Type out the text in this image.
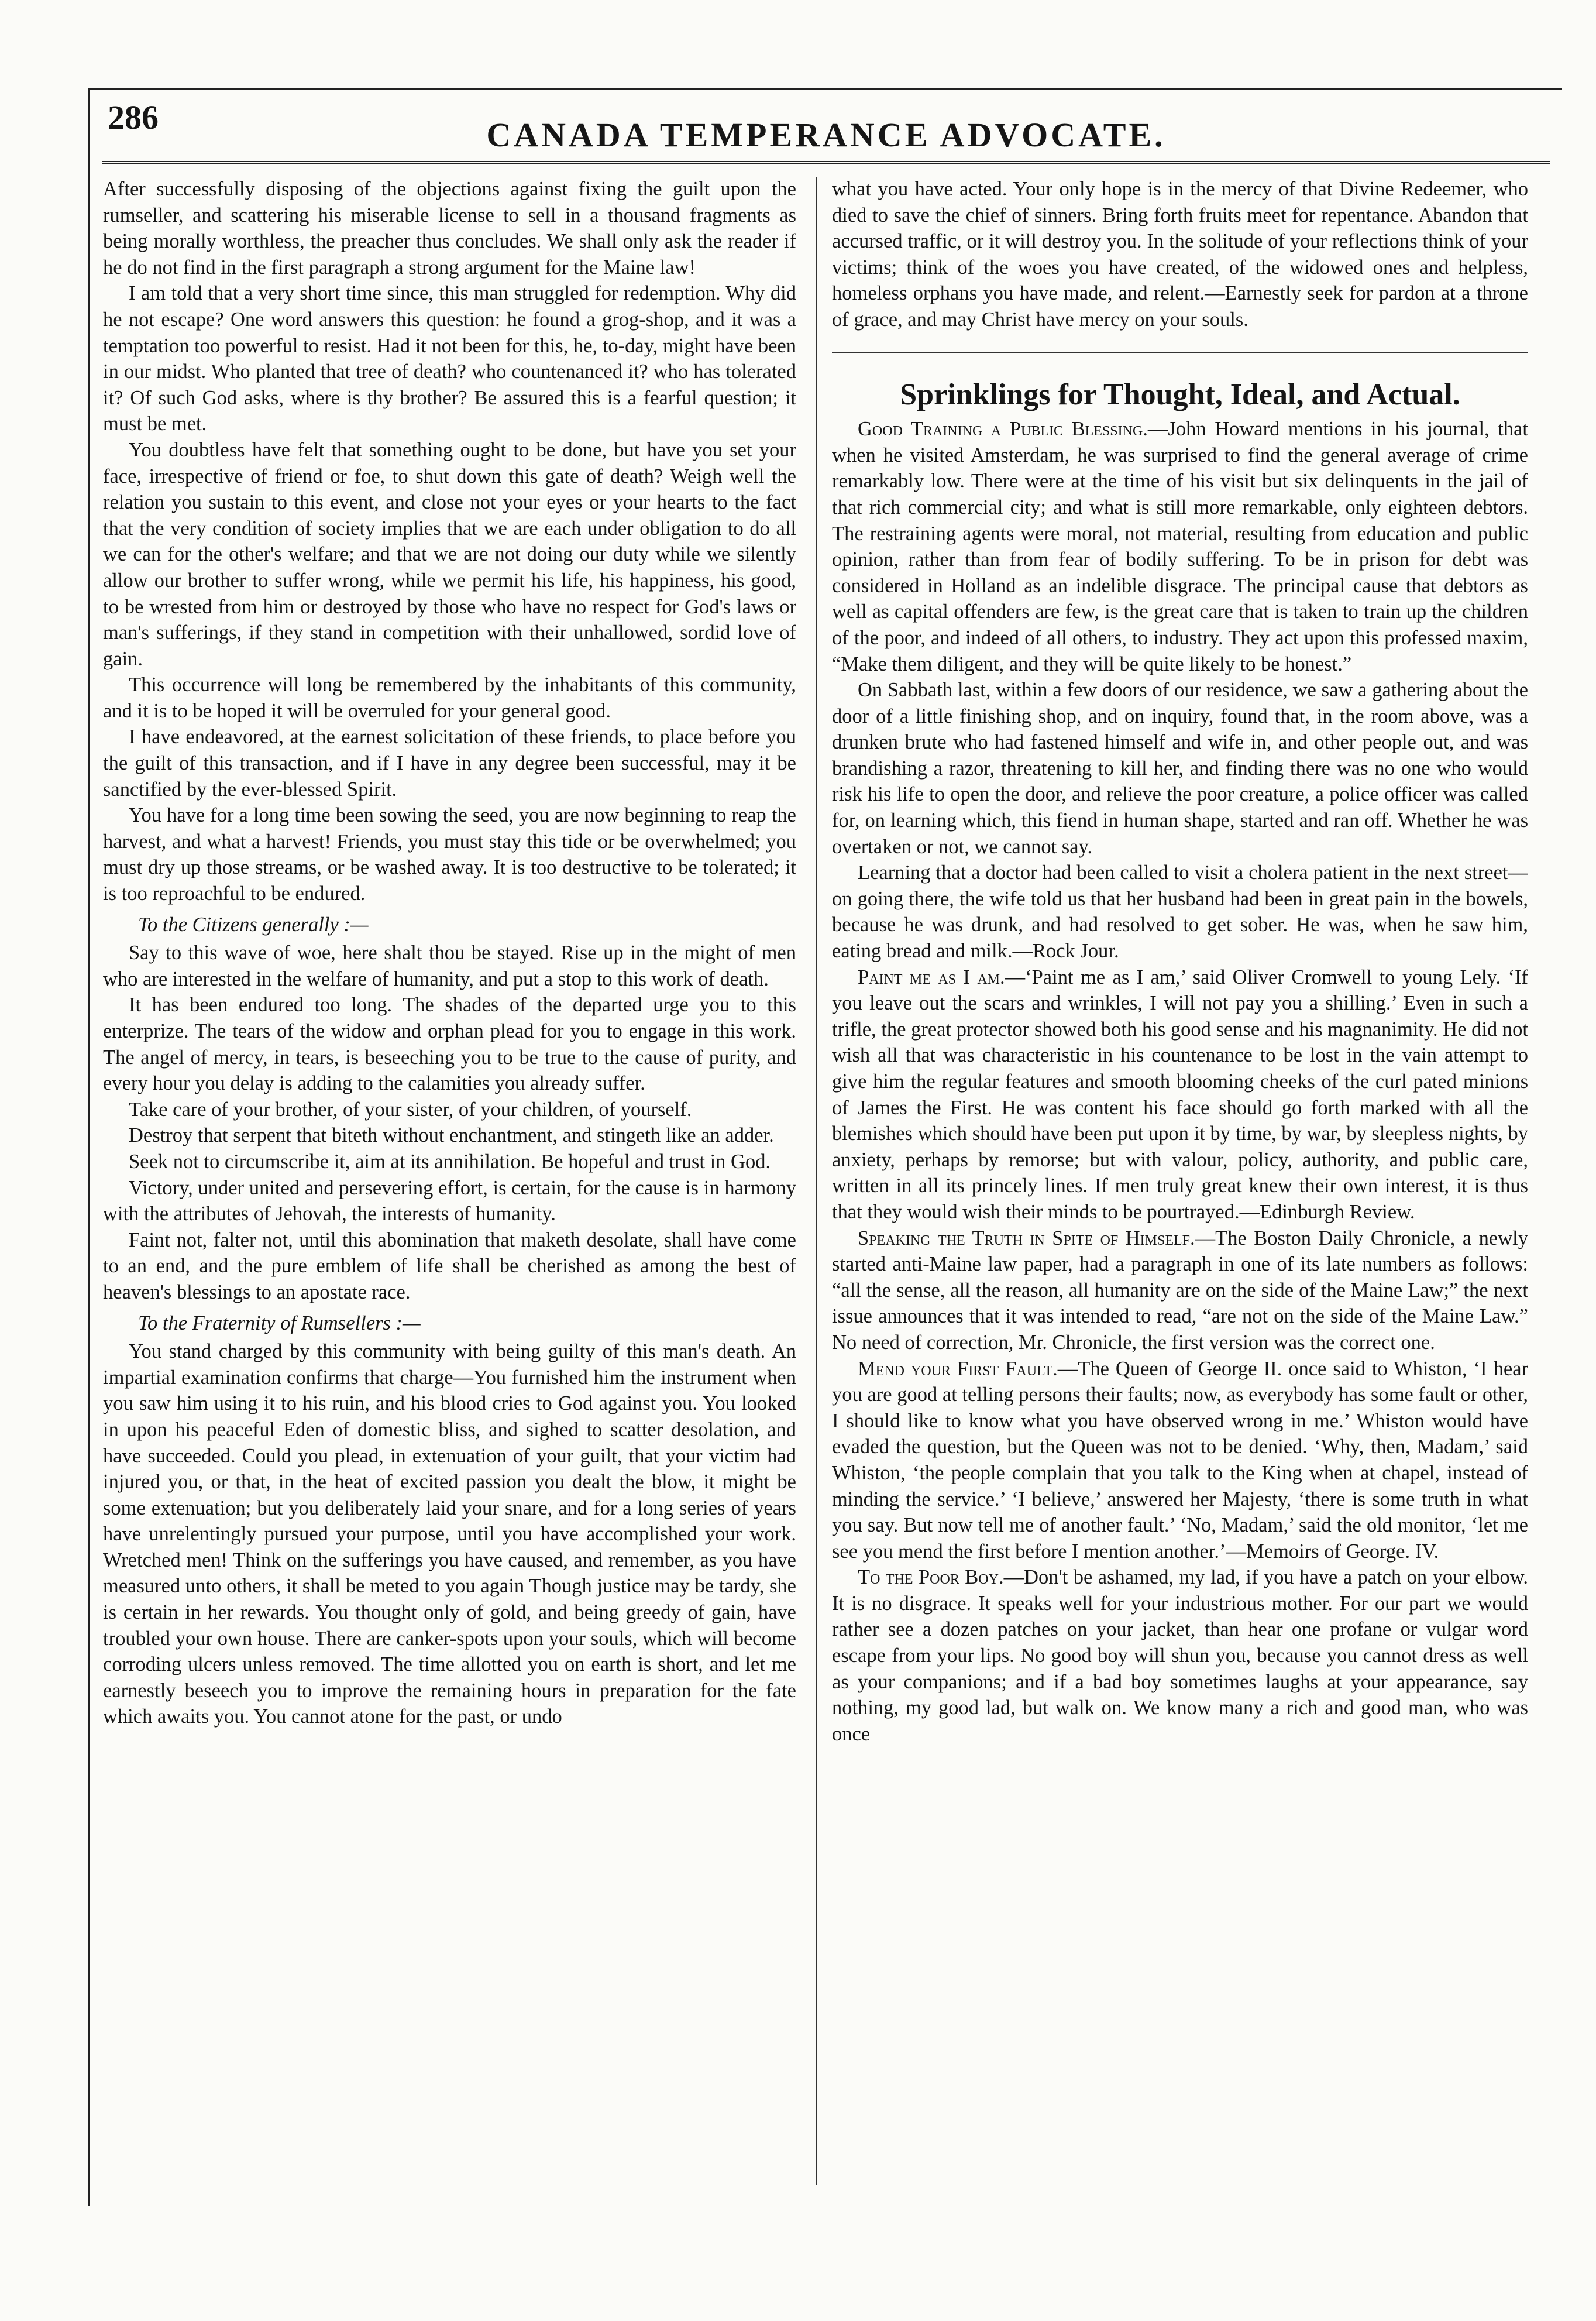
286	CANADA TEMPERANCE ADVOCATE.

After successfully disposing of the objections against fixing the guilt upon the rumseller, and scattering his miserable license to sell in a thousand fragments as being morally worthless, the preacher thus concludes. We shall only ask the reader if he do not find in the first paragraph a strong argument for the Maine law!

I am told that a very short time since, this man struggled for redemption. Why did he not escape? One word answers this question: he found a grog-shop, and it was a temptation too powerful to resist. Had it not been for this, he, to-day, might have been in our midst. Who planted that tree of death? who countenanced it? who has tolerated it? Of such God asks, where is thy brother? Be assured this is a fearful question; it must be met.

You doubtless have felt that something ought to be done, but have you set your face, irrespective of friend or foe, to shut down this gate of death? Weigh well the relation you sustain to this event, and close not your eyes or your hearts to the fact that the very condition of society implies that we are each under obligation to do all we can for the other's welfare; and that we are not doing our duty while we silently allow our brother to suffer wrong, while we permit his life, his happiness, his good, to be wrested from him or destroyed by those who have no respect for God's laws or man's sufferings, if they stand in competition with their unhallowed, sordid love of gain.

This occurrence will long be remembered by the inhabitants of this community, and it is to be hoped it will be overruled for your general good.

I have endeavored, at the earnest solicitation of these friends, to place before you the guilt of this transaction, and if I have in any degree been successful, may it be sanctified by the ever-blessed Spirit.

You have for a long time been sowing the seed, you are now beginning to reap the harvest, and what a harvest! Friends, you must stay this tide or be overwhelmed; you must dry up those streams, or be washed away. It is too destructive to be tolerated; it is too reproachful to be endured.

To the Citizens generally :—

Say to this wave of woe, here shalt thou be stayed. Rise up in the might of men who are interested in the welfare of humanity, and put a stop to this work of death.

It has been endured too long. The shades of the departed urge you to this enterprize. The tears of the widow and orphan plead for you to engage in this work. The angel of mercy, in tears, is beseeching you to be true to the cause of purity, and every hour you delay is adding to the calamities you already suffer.

Take care of your brother, of your sister, of your children, of yourself.

Destroy that serpent that biteth without enchantment, and stingeth like an adder.

Seek not to circumscribe it, aim at its annihilation. Be hopeful and trust in God.

Victory, under united and persevering effort, is certain, for the cause is in harmony with the attributes of Jehovah, the interests of humanity.

Faint not, falter not, until this abomination that maketh desolate, shall have come to an end, and the pure emblem of life shall be cherished as among the best of heaven's blessings to an apostate race.

To the Fraternity of Rumsellers :—

You stand charged by this community with being guilty of this man's death. An impartial examination confirms that charge—You furnished him the instrument when you saw him using it to his ruin, and his blood cries to God against you. You looked in upon his peaceful Eden of domestic bliss, and sighed to scatter desolation, and have succeeded. Could you plead, in extenuation of your guilt, that your victim had injured you, or that, in the heat of excited passion you dealt the blow, it might be some extenuation; but you deliberately laid your snare, and for a long series of years have unrelentingly pursued your purpose, until you have accomplished your work. Wretched men! Think on the sufferings you have caused, and remember, as you have measured unto others, it shall be meted to you again Though justice may be tardy, she is certain in her rewards. You thought only of gold, and being greedy of gain, have troubled your own house. There are canker-spots upon your souls, which will become corroding ulcers unless removed. The time allotted you on earth is short, and let me earnestly beseech you to improve the remaining hours in preparation for the fate which awaits you. You cannot atone for the past, or undo

what you have acted. Your only hope is in the mercy of that Divine Redeemer, who died to save the chief of sinners. Bring forth fruits meet for repentance. Abandon that accursed traffic, or it will destroy you. In the solitude of your reflections think of your victims; think of the woes you have created, of the widowed ones and helpless, homeless orphans you have made, and relent.—Earnestly seek for pardon at a throne of grace, and may Christ have mercy on your souls.

Sprinklings for Thought, Ideal, and Actual.

Good Training a Public Blessing.—John Howard mentions in his journal, that when he visited Amsterdam, he was surprised to find the general average of crime remarkably low. There were at the time of his visit but six delinquents in the jail of that rich commercial city; and what is still more remarkable, only eighteen debtors. The restraining agents were moral, not material, resulting from education and public opinion, rather than from fear of bodily suffering. To be in prison for debt was considered in Holland as an indelible disgrace. The principal cause that debtors as well as capital offenders are few, is the great care that is taken to train up the children of the poor, and indeed of all others, to industry. They act upon this professed maxim, “Make them diligent, and they will be quite likely to be honest.”

On Sabbath last, within a few doors of our residence, we saw a gathering about the door of a little finishing shop, and on inquiry, found that, in the room above, was a drunken brute who had fastened himself and wife in, and other people out, and was brandishing a razor, threatening to kill her, and finding there was no one who would risk his life to open the door, and relieve the poor creature, a police officer was called for, on learning which, this fiend in human shape, started and ran off. Whether he was overtaken or not, we cannot say.

Learning that a doctor had been called to visit a cholera patient in the next street—on going there, the wife told us that her husband had been in great pain in the bowels, because he was drunk, and had resolved to get sober. He was, when he saw him, eating bread and milk.—Rock Jour.

Paint me as I am.—‘Paint me as I am,’ said Oliver Cromwell to young Lely. ‘If you leave out the scars and wrinkles, I will not pay you a shilling.’ Even in such a trifle, the great protector showed both his good sense and his magnanimity. He did not wish all that was characteristic in his countenance to be lost in the vain attempt to give him the regular features and smooth blooming cheeks of the curl pated minions of James the First. He was content his face should go forth marked with all the blemishes which should have been put upon it by time, by war, by sleepless nights, by anxiety, perhaps by remorse; but with valour, policy, authority, and public care, written in all its princely lines. If men truly great knew their own interest, it is thus that they would wish their minds to be pourtrayed.—Edinburgh Review.

Speaking the Truth in Spite of Himself.—The Boston Daily Chronicle, a newly started anti-Maine law paper, had a paragraph in one of its late numbers as follows: “all the sense, all the reason, all humanity are on the side of the Maine Law;” the next issue announces that it was intended to read, “are not on the side of the Maine Law.” No need of correction, Mr. Chronicle, the first version was the correct one.

Mend your First Fault.—The Queen of George II. once said to Whiston, ‘I hear you are good at telling persons their faults; now, as everybody has some fault or other, I should like to know what you have observed wrong in me.’ Whiston would have evaded the question, but the Queen was not to be denied. ‘Why, then, Madam,’ said Whiston, ‘the people complain that you talk to the King when at chapel, instead of minding the service.’ ‘I believe,’ answered her Majesty, ‘there is some truth in what you say. But now tell me of another fault.’ ‘No, Madam,’ said the old monitor, ‘let me see you mend the first before I mention another.’—Memoirs of George. IV.

To the Poor Boy.—Don't be ashamed, my lad, if you have a patch on your elbow. It is no disgrace. It speaks well for your industrious mother. For our part we would rather see a dozen patches on your jacket, than hear one profane or vulgar word escape from your lips. No good boy will shun you, because you cannot dress as well as your companions; and if a bad boy sometimes laughs at your appearance, say nothing, my good lad, but walk on. We know many a rich and good man, who was once
